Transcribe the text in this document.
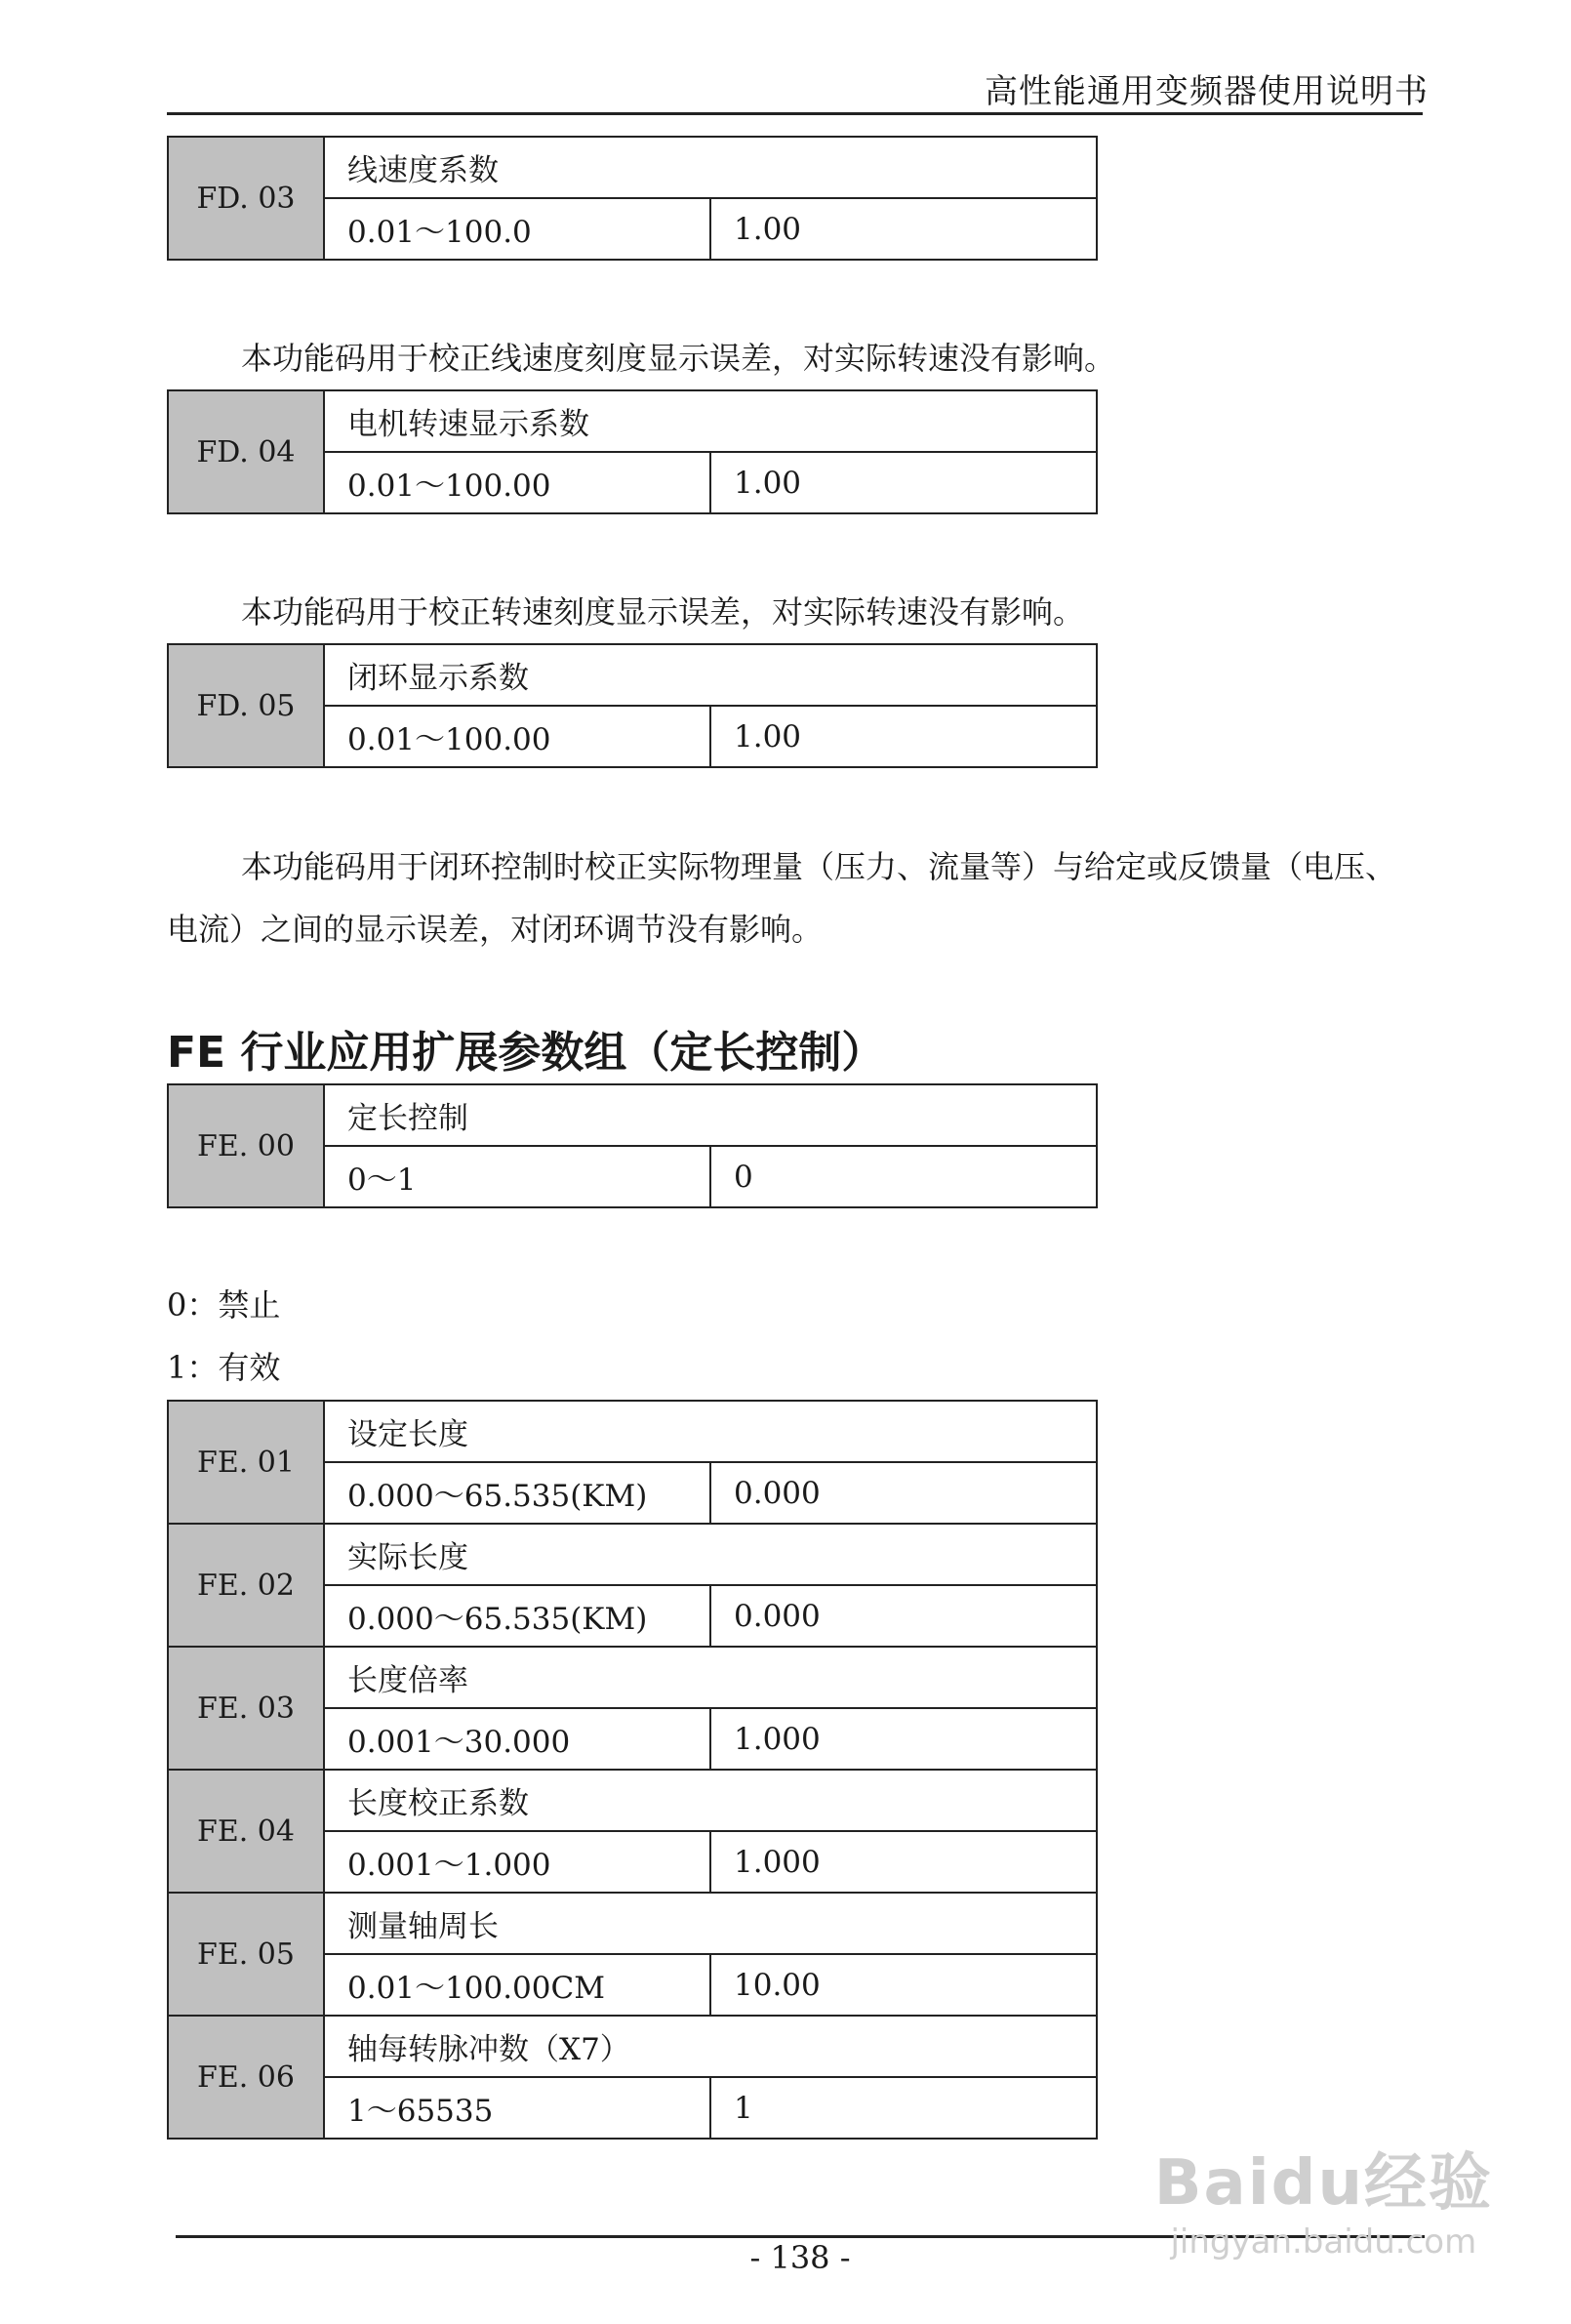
高性能通用变频器使用说明书
FD. 03	线速度系数	
	0.01～100.0	1.00

本功能码用于校正线速度刻度显示误差，对实际转速没有影响。

FD. 04	电机转速显示系数	
	0.01～100.00	1.00

本功能码用于校正转速刻度显示误差，对实际转速没有影响。

FD. 05	闭环显示系数	
	0.01～100.00	1.00

本功能码用于闭环控制时校正实际物理量（压力、流量等）与给定或反馈量（电压、电流）之间的显示误差，对闭环调节没有影响。

FE 行业应用扩展参数组（定长控制）
FE. 00	定长控制	
	0～1	0
0：禁止
1：有效
FE. 01	设定长度	
	0.000～65.535(KM)	0.000
FE. 02	实际长度	
	0.000～65.535(KM)	0.000
FE. 03	长度倍率	
	0.001～30.000	1.000
FE. 04	长度校正系数	
	0.001～1.000	1.000
FE. 05	测量轴周长	
	0.01～100.00CM	10.00
FE. 06	轴每转脉冲数（X7）	
	1～65535	1
- 138 -
Baidu经验
jingyan.baidu.com
